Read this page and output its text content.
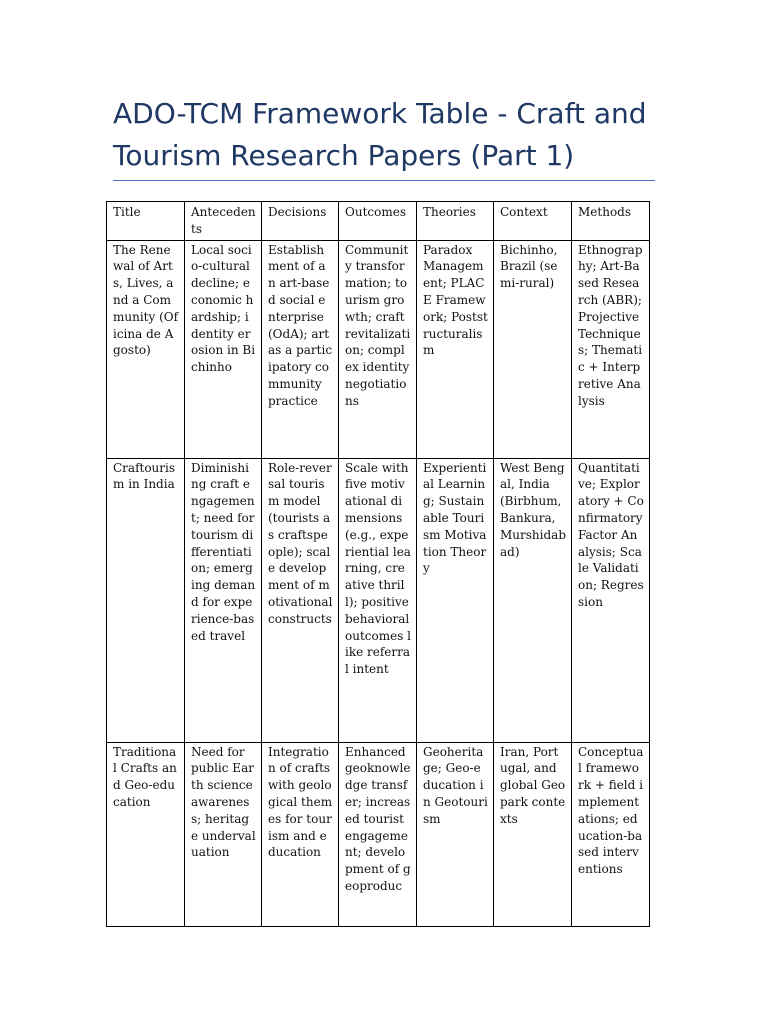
ADO-TCM Framework Table - Craft and Tourism Research Papers (Part 1)
Title	Antecedents	Decisions	Outcomes	Theories	Context	Methods
The Renewal of Arts, Lives, and a Community (Oficina de Agosto)	Local socio-cultural decline; economic hardship; identity erosion in Bichinho	Establishment of an art-based social enterprise (OdA); art as a participatory community practice	Community transformation; tourism growth; craft revitalization; complex identity negotiations	Paradox Management; PLACE Framework; Poststructuralism	Bichinho, Brazil (semi-rural)	Ethnography; Art-Based Research (ABR); Projective Techniques; Thematic + Interpretive Analysis
Craftourism in India	Diminishing craft engagement; need for tourism differentiation; emerging demand for experience-based travel	Role-reversal tourism model (tourists as craftspeople); scale development of motivational constructs	Scale with five motivational dimensions (e.g., experiential learning, creative thrill); positive behavioral outcomes like referral intent	Experiential Learning; Sustainable Tourism Motivation Theory	West Bengal, India (Birbhum, Bankura, Murshidabad)	Quantitative; Exploratory + Confirmatory Factor Analysis; Scale Validation; Regression
Traditional Crafts and Geo-education	Need for public Earth science awareness; heritage undervaluation	Integration of crafts with geological themes for tourism and education	Enhanced geoknowledge transfer; increased tourist engagement; development of geoproduc	Geoheritage; Geo-education in Geotourism	Iran, Portugal, and global Geopark contexts	Conceptual framework + field implementations; education-based interventions
